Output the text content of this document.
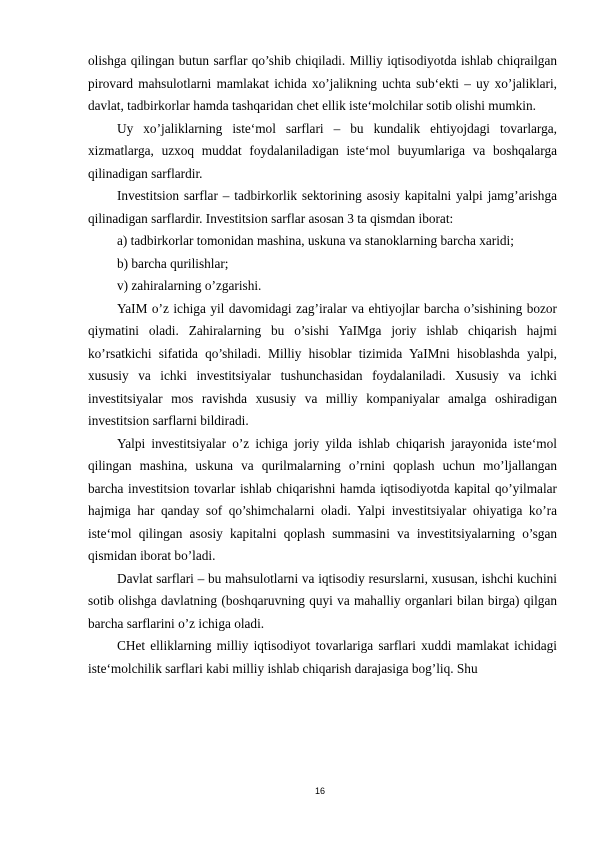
olishga qilingan butun sarflar qo’shib chiqiladi. Milliy iqtisodiyotda ishlab chiqrailgan pirovard mahsulotlarni mamlakat ichida xo’jalikning uchta sub‘ekti – uy xo’jaliklari, davlat, tadbirkorlar hamda tashqaridan chet ellik iste‘molchilar sotib olishi mumkin.

Uy xo’jaliklarning iste‘mol sarflari – bu kundalik ehtiyojdagi tovarlarga, xizmatlarga, uzxoq muddat foydalaniladigan iste‘mol buyumlariga va boshqalarga qilinadigan sarflardir.

Investitsion sarflar – tadbirkorlik sektorining asosiy kapitalni yalpi jamg’arishga qilinadigan sarflardir. Investitsion sarflar asosan 3 ta qismdan iborat:

a) tadbirkorlar tomonidan mashina, uskuna va stanoklarning barcha xaridi;

b) barcha qurilishlar;

v) zahiralarning o’zgarishi.

YaIM o’z ichiga yil davomidagi zag’iralar va ehtiyojlar barcha o’sishining bozor qiymatini oladi. Zahiralarning bu o’sishi YaIMga joriy ishlab chiqarish hajmi ko’rsatkichi sifatida qo’shiladi. Milliy hisoblar tizimida YaIMni hisoblashda yalpi, xususiy va ichki investitsiyalar tushunchasidan foydalaniladi. Xususiy va ichki investitsiyalar mos ravishda xususiy va milliy kompaniyalar amalga oshiradigan investitsion sarflarni bildiradi.

Yalpi investitsiyalar o’z ichiga joriy yilda ishlab chiqarish jarayonida iste‘mol qilingan mashina, uskuna va qurilmalarning o’rnini qoplash uchun mo’ljallangan barcha investitsion tovarlar ishlab chiqarishni hamda iqtisodiyotda kapital qo’yilmalar hajmiga har qanday sof qo’shimchalarni oladi. Yalpi investitsiyalar ohiyatiga ko’ra iste‘mol qilingan asosiy kapitalni qoplash summasini va investitsiyalarning o’sgan qismidan iborat bo’ladi.

Davlat sarflari – bu mahsulotlarni va iqtisodiy resurslarni, xususan, ishchi kuchini sotib olishga davlatning (boshqaruvning quyi va mahalliy organlari bilan birga) qilgan barcha sarflarini o’z ichiga oladi.

CHet elliklarning milliy iqtisodiyot tovarlariga sarflari xuddi mamlakat ichidagi iste‘molchilik sarflari kabi milliy ishlab chiqarish darajasiga bog’liq. Shu

16
